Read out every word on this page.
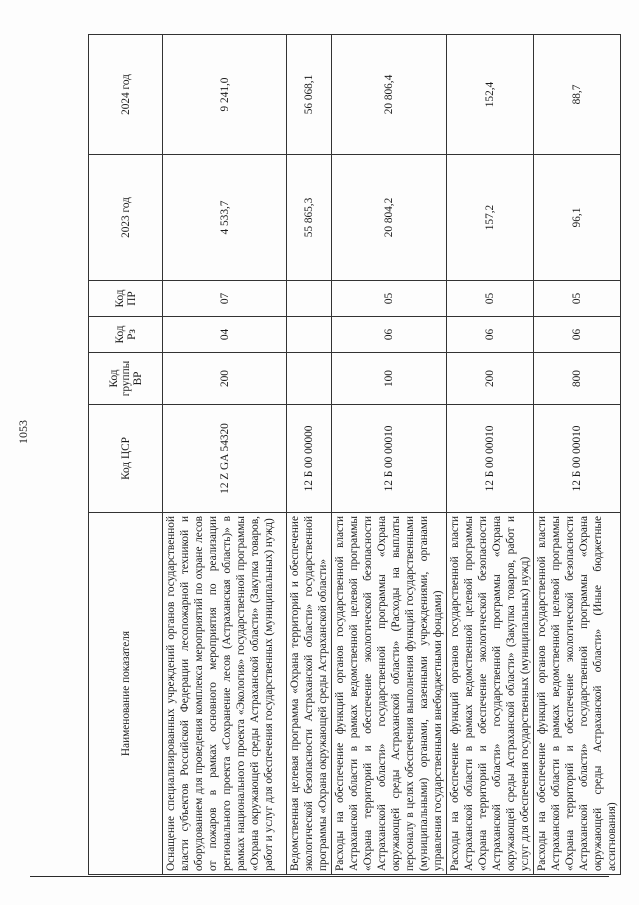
1053
Наименование показателя	Код ЦСР	Код группы ВР	Код Рз	Код ПР	2023 год	2024 год
Оснащение специализированных учреждений органов государственной власти субъектов Российской Федерации лесопожарной техникой и оборудованием для проведения комплекса мероприятий по охране лесов от пожаров в рамках основного мероприятия по реализации регионального проекта «Сохранение лесов (Астраханская область)» в рамках национального проекта «Экология» государственной программы «Охрана окружающей среды Астраханской области» (Закупка товаров, работ и услуг для обеспечения государственных (муниципальных) нужд)	12 Z GA 54320	200	04	07	4 533,7	9 241,0
Ведомственная целевая программа «Охрана территорий и обеспечение экологической безопасности Астраханской области» государственной программы «Охрана окружающей среды Астраханской области»	12 Б 00 00000				55 865,3	56 068,1
Расходы на обеспечение функций органов государственной власти Астраханской области в рамках ведомственной целевой программы «Охрана территорий и обеспечение экологической безопасности Астраханской области» государственной программы «Охрана окружающей среды Астраханской области» (Расходы на выплаты персоналу в целях обеспечения выполнения функций государственными (муниципальными) органами, казенными учреждениями, органами управления государственными внебюджетными фондами)	12 Б 00 00010	100	06	05	20 804,2	20 806,4
Расходы на обеспечение функций органов государственной власти Астраханской области в рамках ведомственной целевой программы «Охрана территорий и обеспечение экологической безопасности Астраханской области» государственной программы «Охрана окружающей среды Астраханской области» (Закупка товаров, работ и услуг для обеспечения государственных (муниципальных) нужд)	12 Б 00 00010	200	06	05	157,2	152,4
Расходы на обеспечение функций органов государственной власти Астраханской области в рамках ведомственной целевой программы «Охрана территорий и обеспечение экологической безопасности Астраханской области» государственной программы «Охрана окружающей среды Астраханской области» (Иные бюджетные ассигнования)	12 Б 00 00010	800	06	05	96,1	88,7
